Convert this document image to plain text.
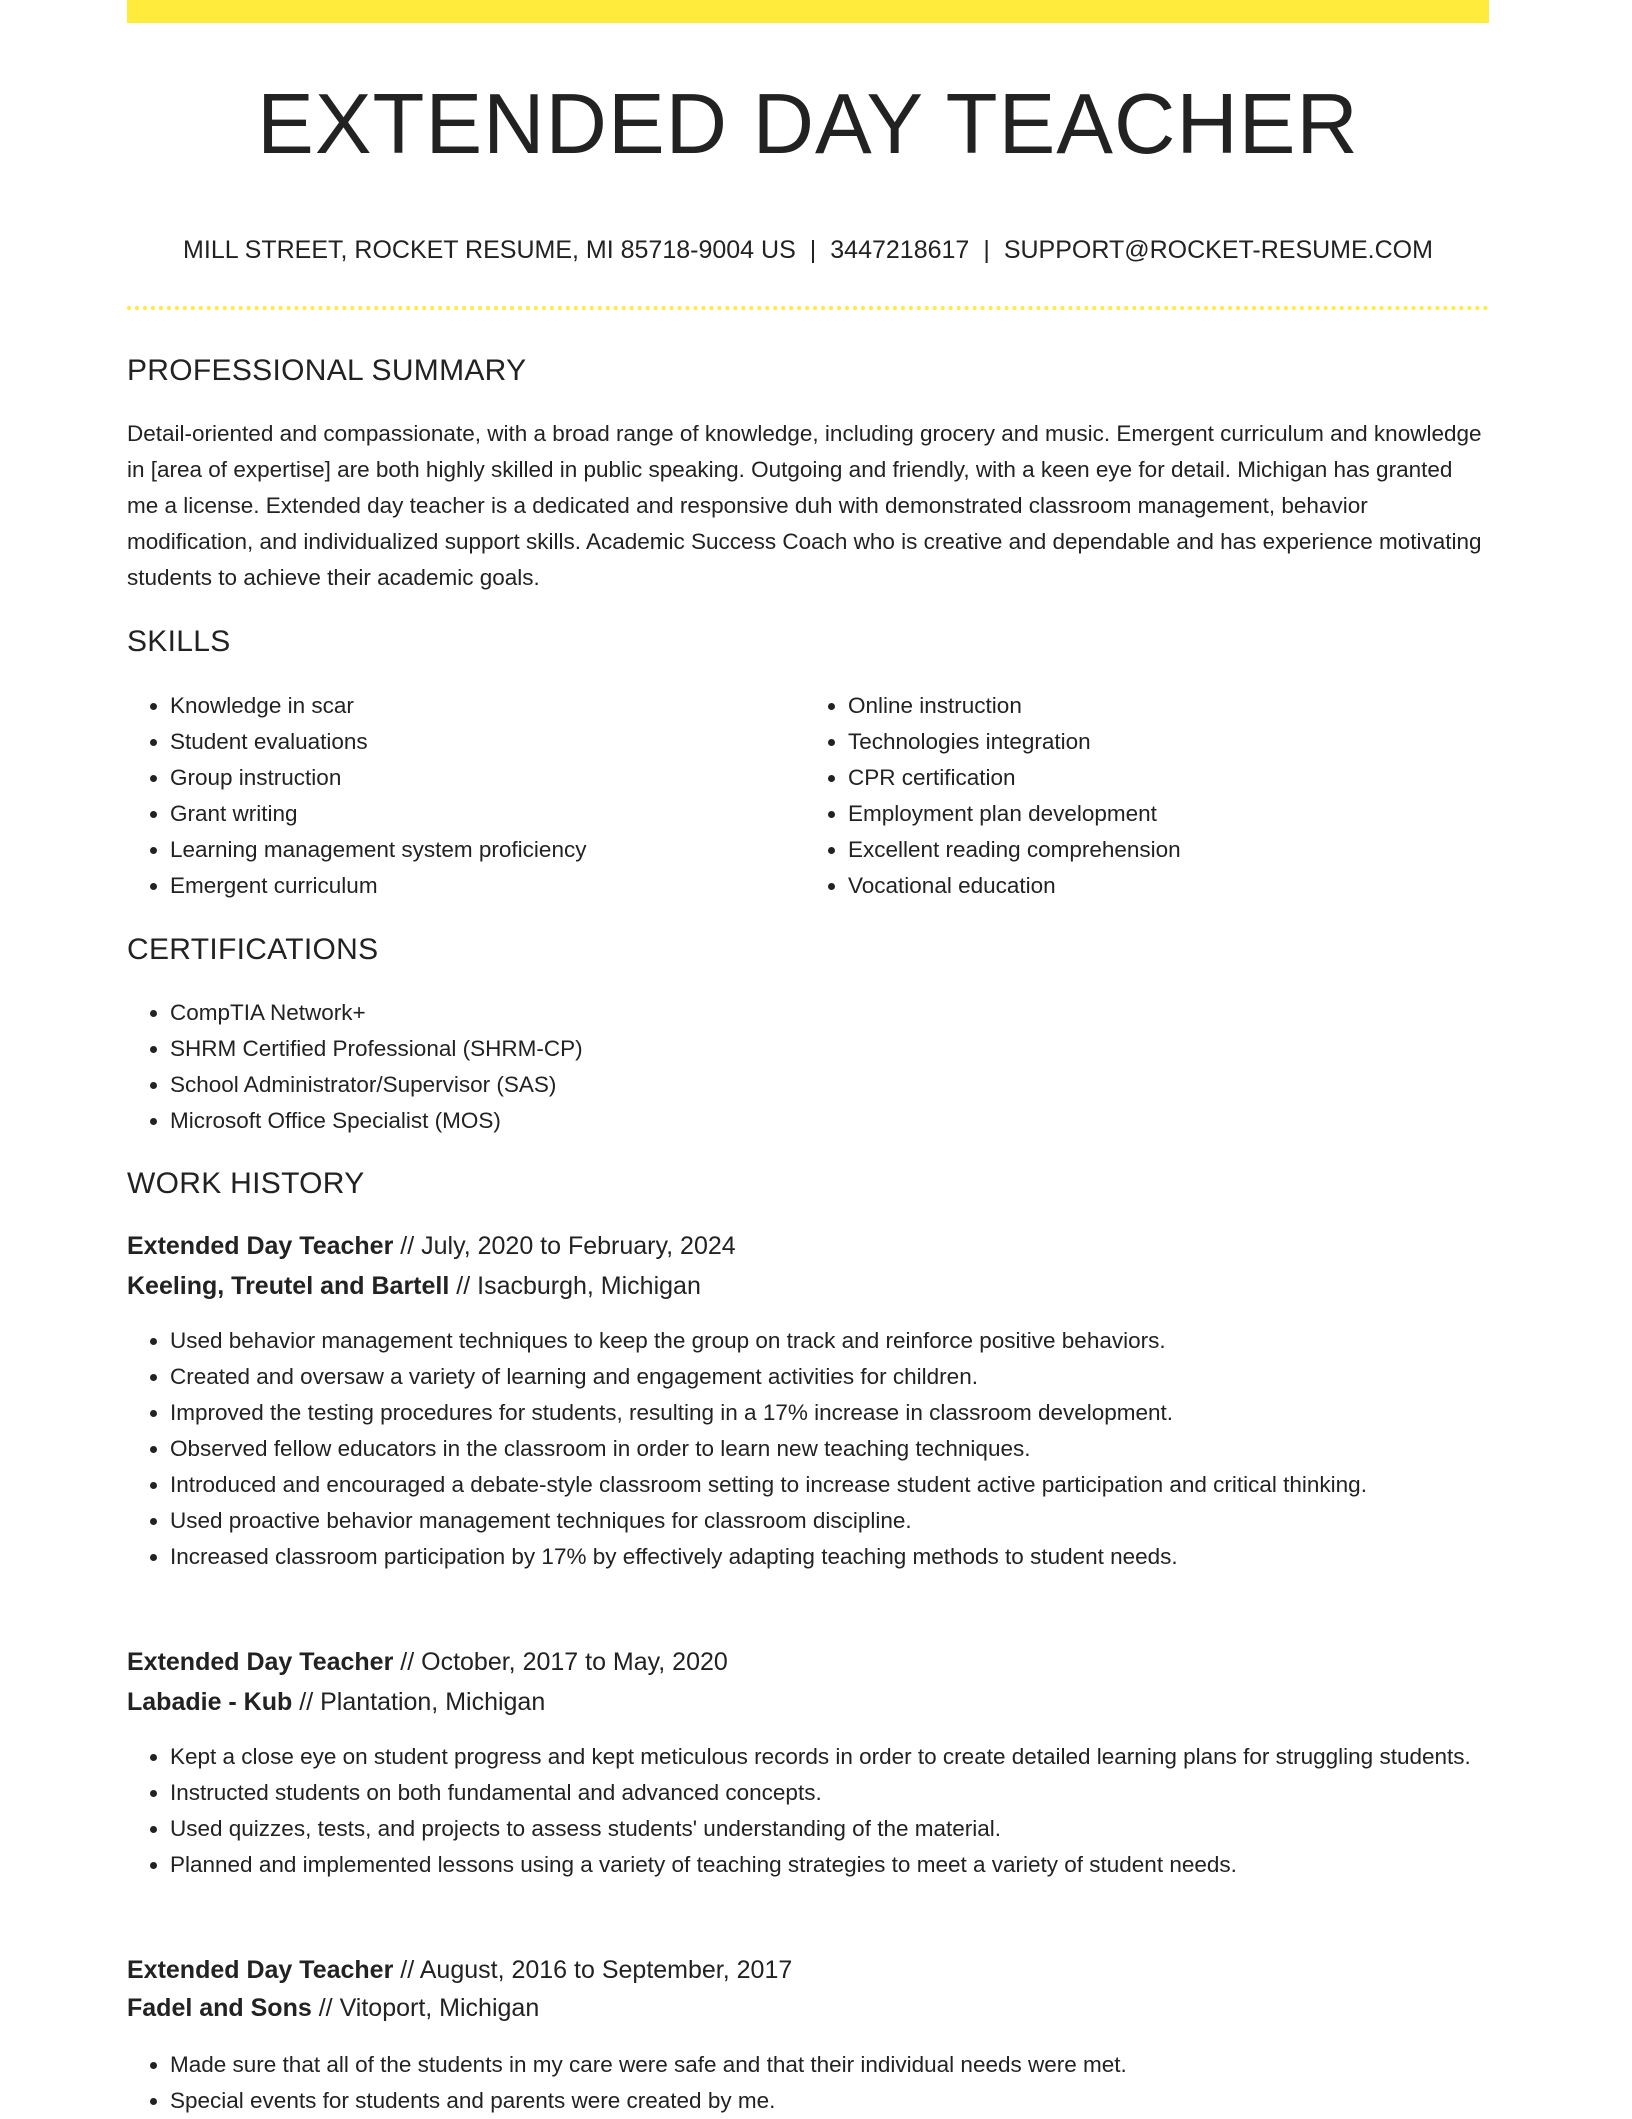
EXTENDED DAY TEACHER
MILL STREET, ROCKET RESUME, MI 85718-9004 US | 3447218617 | SUPPORT@ROCKET-RESUME.COM
PROFESSIONAL SUMMARY

Detail-oriented and compassionate, with a broad range of knowledge, including grocery and music. Emergent curriculum and knowledge in [area of expertise] are both highly skilled in public speaking. Outgoing and friendly, with a keen eye for detail. Michigan has granted me a license. Extended day teacher is a dedicated and responsive duh with demonstrated classroom management, behavior modification, and individualized support skills. Academic Success Coach who is creative and dependable and has experience motivating students to achieve their academic goals.

SKILLS
• Knowledge in scar
• Student evaluations
• Group instruction
• Grant writing
• Learning management system proficiency
• Emergent curriculum
• Online instruction
• Technologies integration
• CPR certification
• Employment plan development
• Excellent reading comprehension
• Vocational education
CERTIFICATIONS
• CompTIA Network+
• SHRM Certified Professional (SHRM-CP)
• School Administrator/Supervisor (SAS)
• Microsoft Office Specialist (MOS)
WORK HISTORY
Extended Day Teacher // July, 2020 to February, 2024
Keeling, Treutel and Bartell // Isacburgh, Michigan
• Used behavior management techniques to keep the group on track and reinforce positive behaviors.
• Created and oversaw a variety of learning and engagement activities for children.
• Improved the testing procedures for students, resulting in a 17% increase in classroom development.
• Observed fellow educators in the classroom in order to learn new teaching techniques.
• Introduced and encouraged a debate-style classroom setting to increase student active participation and critical thinking.
• Used proactive behavior management techniques for classroom discipline.
• Increased classroom participation by 17% by effectively adapting teaching methods to student needs.
Extended Day Teacher // October, 2017 to May, 2020
Labadie - Kub // Plantation, Michigan
• Kept a close eye on student progress and kept meticulous records in order to create detailed learning plans for struggling students.
• Instructed students on both fundamental and advanced concepts.
• Used quizzes, tests, and projects to assess students' understanding of the material.
• Planned and implemented lessons using a variety of teaching strategies to meet a variety of student needs.
Extended Day Teacher // August, 2016 to September, 2017
Fadel and Sons // Vitoport, Michigan
• Made sure that all of the students in my care were safe and that their individual needs were met.
• Special events for students and parents were created by me.
